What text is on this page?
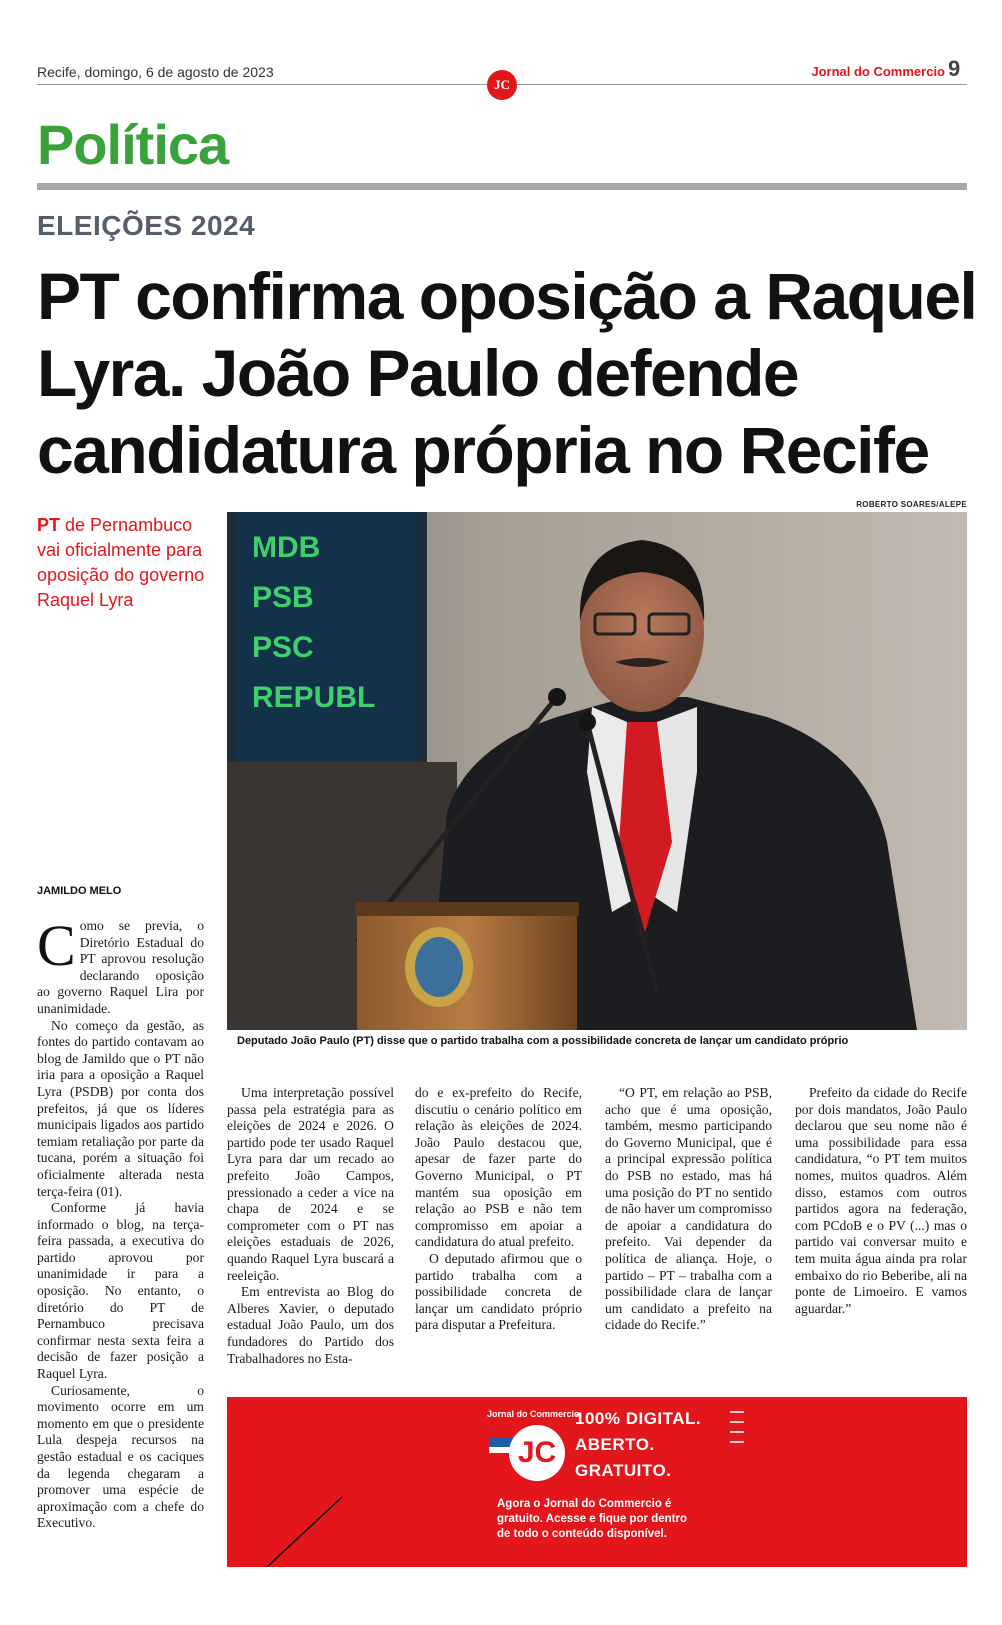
Recife, domingo, 6 de agosto de 2023
JC
Jornal do Commercio 9
Política
ELEIÇÕES 2024
PT confirma oposição a Raquel Lyra. João Paulo defende candidatura própria no Recife
ROBERTO SOARES/ALEPE
PT de Pernambuco vai oficialmente para oposição do governo Raquel Lyra
MDB
PSB
PSC
REPUBL
Deputado João Paulo (PT) disse que o partido trabalha com a possibilidade concreta de lançar um candidato próprio
JAMILDO MELO

Como se previa, o Diretório Estadual do PT aprovou resolução declarando oposição ao governo Raquel Lira por unanimidade.

No começo da gestão, as fontes do partido contavam ao blog de Jamildo que o PT não iria para a oposição a Raquel Lyra (PSDB) por conta dos prefeitos, já que os líderes municipais ligados aos partido temiam retaliação por parte da tucana, porém a situação foi oficialmente alterada nesta terça-feira (01).

Conforme já havia informado o blog, na terça-feira passada, a executiva do partido aprovou por unanimidade ir para a oposição. No entanto, o diretório do PT de Pernambuco precisava confirmar nesta sexta feira a decisão de fazer posição a Raquel Lyra.

Curiosamente, o movimento ocorre em um momento em que o presidente Lula despeja recursos na gestão estadual e os caciques da legenda chegaram a promover uma espécie de aproximação com a chefe do Executivo.

Uma interpretação possível passa pela estratégia para as eleições de 2024 e 2026. O partido pode ter usado Raquel Lyra para dar um recado ao prefeito João Campos, pressionado a ceder a vice na chapa de 2024 e se comprometer com o PT nas eleições estaduais de 2026, quando Raquel Lyra buscará a reeleição.

Em entrevista ao Blog do Alberes Xavier, o deputado estadual João Paulo, um dos fundadores do Partido dos Trabalhadores no Esta-

do e ex-prefeito do Recife, discutiu o cenário político em relação às eleições de 2024. João Paulo destacou que, apesar de fazer parte do Governo Municipal, o PT mantém sua oposição em relação ao PSB e não tem compromisso em apoiar a candidatura do atual prefeito.

O deputado afirmou que o partido trabalha com a possibilidade concreta de lançar um candidato próprio para disputar a Prefeitura.

“O PT, em relação ao PSB, acho que é uma oposição, também, mesmo participando do Governo Municipal, que é a principal expressão política do PSB no estado, mas há uma posição do PT no sentido de não haver um compromisso de apoiar a candidatura do prefeito. Vai depender da política de aliança. Hoje, o partido – PT – trabalha com a possibilidade clara de lançar um candidato a prefeito na cidade do Recife.”

Prefeito da cidade do Recife por dois mandatos, João Paulo declarou que seu nome não é uma possibilidade para essa candidatura, “o PT tem muitos nomes, muitos quadros. Além disso, estamos com outros partidos agora na federação, com PCdoB e o PV (...) mas o partido vai conversar muito e tem muita água ainda pra rolar embaixo do rio Beberibe, ali na ponte de Limoeiro. E vamos aguardar.”

Jornal do Commercio
JC
100% DIGITAL.
ABERTO.
GRATUITO.
Agora o Jornal do Commercio é gratuito. Acesse e fique por dentro de todo o conteúdo disponível.
